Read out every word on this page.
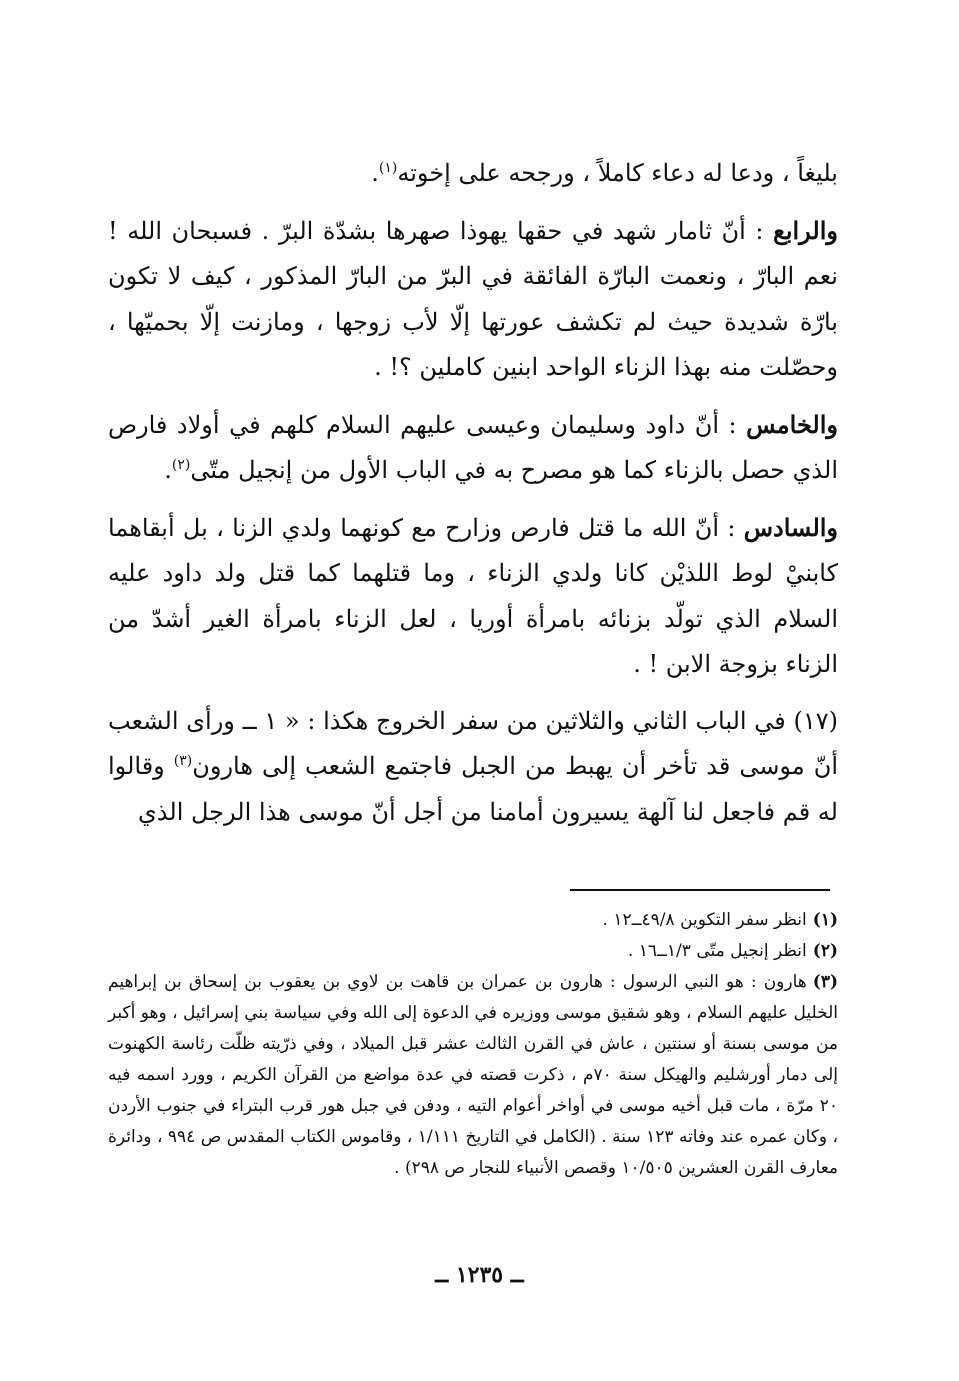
بليغاً ، ودعا له دعاء كاملاً ، ورجحه على إخوته$^{(١)}$.

والرابع : أنّ ثامار شهد في حقها يهوذا صهرها بشدّة البرّ . فسبحان الله ! نعم البارّ ، ونعمت البارّة الفائقة في البرّ من البارّ المذكور ، كيف لا تكون بارّة شديدة حيث لم تكشف عورتها إلّا لأب زوجها ، ومازنت إلّا بحميّها ، وحصّلت منه بهذا الزناء الواحد ابنين كاملين ؟! .

والخامس : أنّ داود وسليمان وعيسى عليهم السلام كلهم في أولاد فارص الذي حصل بالزناء كما هو مصرح به في الباب الأول من إنجيل متّى$^{(٢)}$.

والسادس : أنّ الله ما قتل فارص وزارح مع كونهما ولدي الزنا ، بل أبقاهما كابنيْ لوط اللذيْن كانا ولدي الزناء ، وما قتلهما كما قتل ولد داود عليه السلام الذي تولّد بزنائه بامرأة أوريا ، لعل الزناء بامرأة الغير أشدّ من الزناء بزوجة الابن ! .

(١٧) في الباب الثاني والثلاثين من سفر الخروج هكذا : « ١ ــ ورأى الشعب أنّ موسى قد تأخر أن يهبط من الجبل فاجتمع الشعب إلى هارون$^{(٣)}$ وقالوا له قم فاجعل لنا آلهة يسيرون أمامنا من أجل أنّ موسى هذا الرجل الذي

(١)انظر سفر التكوين ٤٩/٨ــ١٢ .

(٢)انظر إنجيل متّى ١/٣ــ١٦ .

(٣)هارون : هو النبي الرسول : هارون بن عمران بن قاهت بن لاوي بن يعقوب بن إسحاق بن إبراهيم الخليل عليهم السلام ، وهو شقيق موسى ووزيره في الدعوة إلى الله وفي سياسة بني إسرائيل ، وهو أكبر من موسى بسنة أو سنتين ، عاش في القرن الثالث عشر قبل الميلاد ، وفي ذرّيته ظلّت رئاسة الكهنوت إلى دمار أورشليم والهيكل سنة ٧٠م ، ذكرت قصته في عدة مواضع من القرآن الكريم ، وورد اسمه فيه ٢٠ مرّة ، مات قبل أخيه موسى في أواخر أعوام التيه ، ودفن في جبل هور قرب البتراء في جنوب الأردن ، وكان عمره عند وفاته ١٢٣ سنة . (الكامل في التاريخ ١/١١١ ، وقاموس الكتاب المقدس ص ٩٩٤ ، ودائرة معارف القرن العشرين ١٠/٥٠٥ وقصص الأنبياء للنجار ص ٢٩٨) .

ــ ١٢٣٥ ــ
